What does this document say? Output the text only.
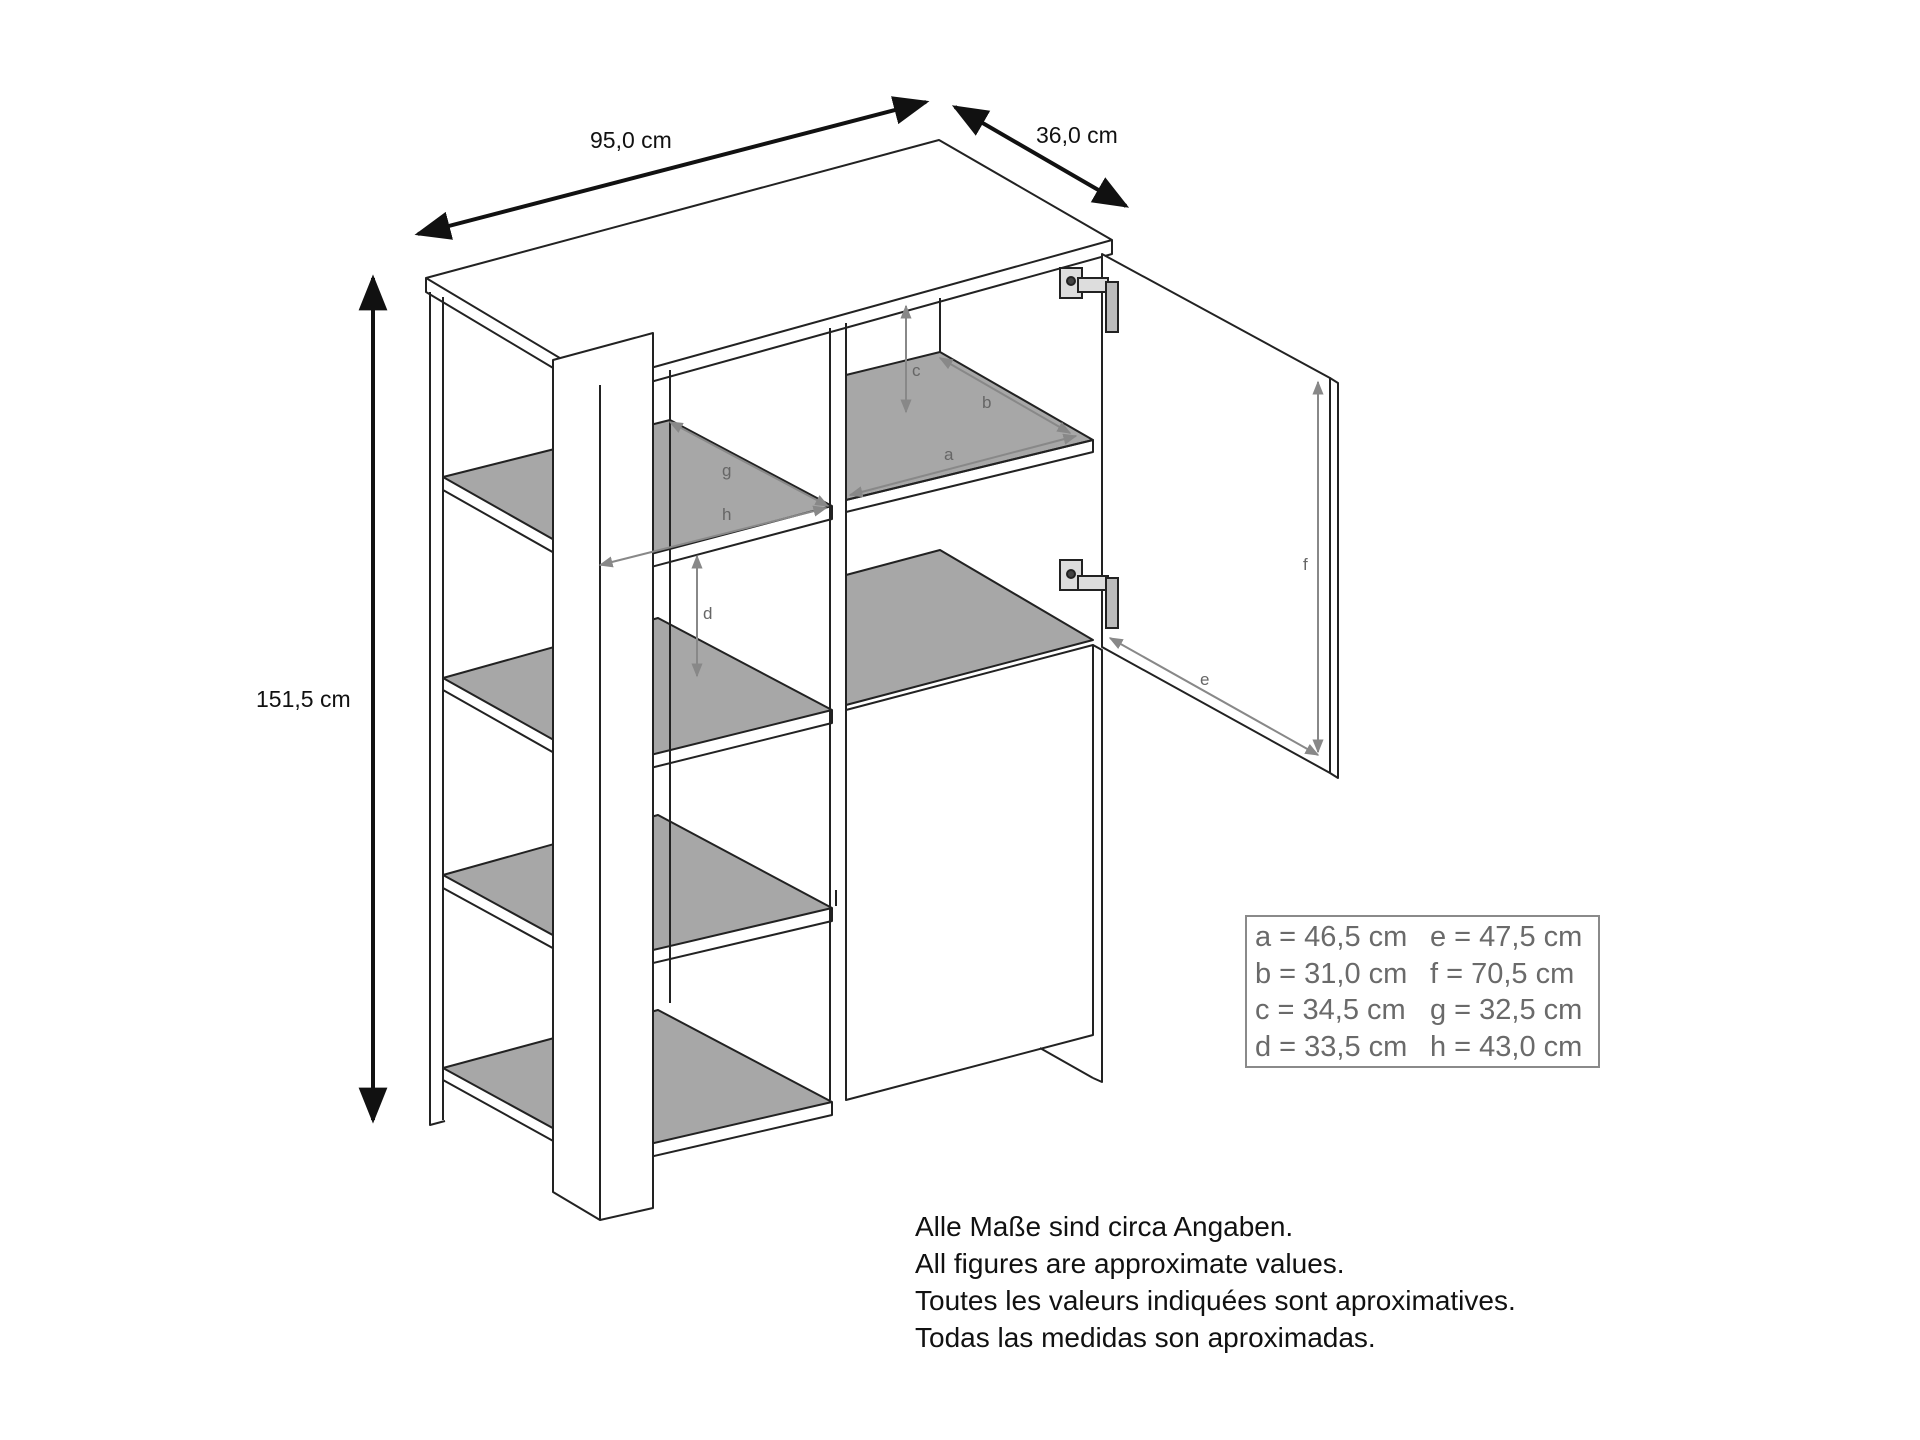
95,0 cm	36,0 cm
151,5 cm
a
b
c
d
e
f
g
h
a = 46,5 cm e = 47,5 cm
b = 31,0 cm f = 70,5 cm
c = 34,5 cm g = 32,5 cm
d = 33,5 cm h = 43,0 cm
Alle Maße sind circa Angaben.
All figures are approximate values.
Toutes les valeurs indiquées sont aproximatives.
Todas las medidas son aproximadas.
